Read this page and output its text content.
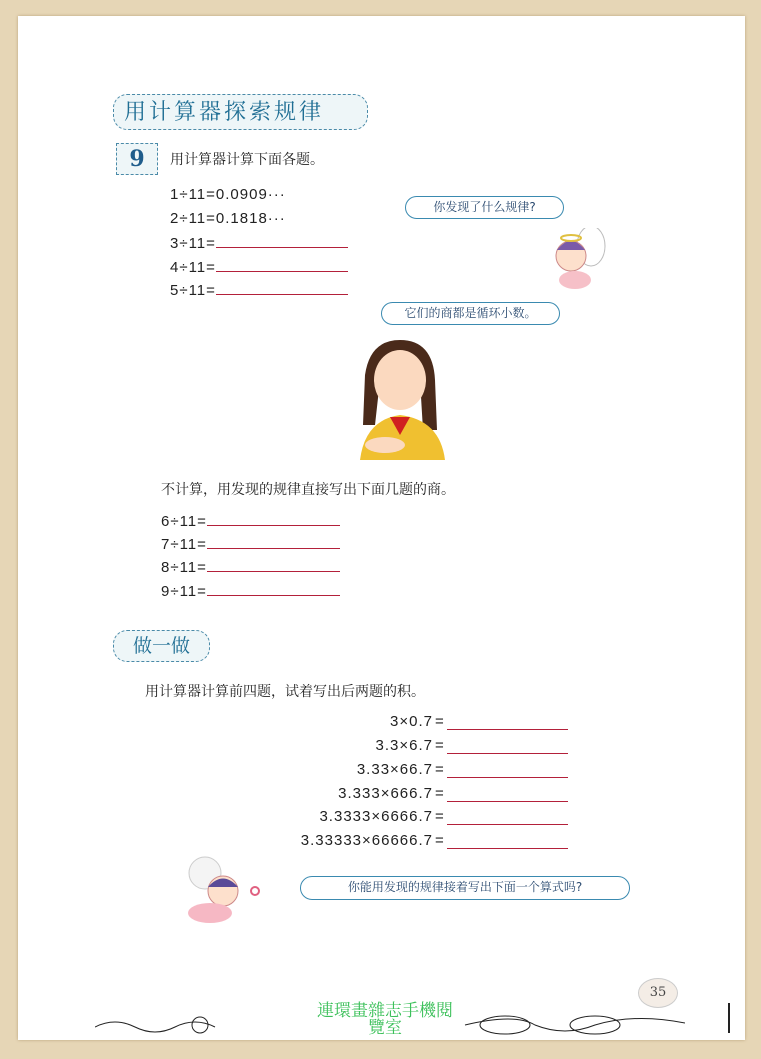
用计算器探索规律
9	用计算器计算下面各题。
1÷11=0.0909···
2÷11=0.1818···
3÷11=
4÷11=
5÷11=
你发现了什么规律?
它们的商都是循环小数。
不计算，用发现的规律直接写出下面几题的商。
6÷11=
7÷11=
8÷11=
9÷11=
做一做
用计算器计算前四题，试着写出后两题的积。
3×0.7 =
3.3×6.7 =
3.33×66.7 =
3.333×666.7 =
3.3333×6666.7 =
3.33333×66666.7 =
你能用发现的规律接着写出下面一个算式吗?
35
連環畫雜志手機閱
覽室
